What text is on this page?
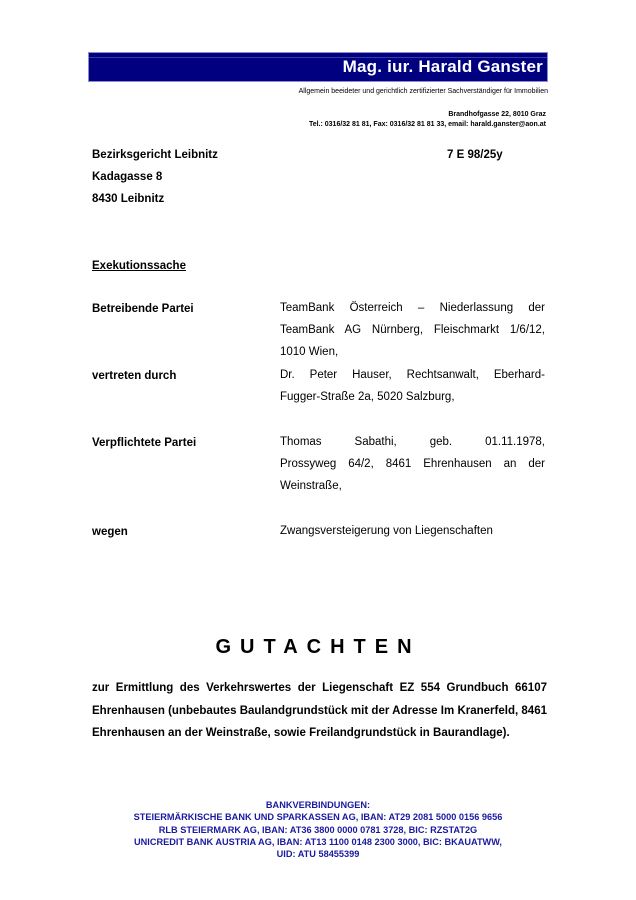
Mag. iur. Harald Ganster
Allgemein beeideter und gerichtlich zertifizierter Sachverständiger für Immobilien
Brandhofgasse 22, 8010 Graz
Tel.: 0316/32 81 81, Fax: 0316/32 81 81 33, email: harald.ganster@aon.at
Bezirksgericht Leibnitz
Kadagasse 8
8430 Leibnitz
7 E 98/25y
Exekutionssache
Betreibende Partei	TeamBank Österreich – Niederlassung der
TeamBank AG Nürnberg, Fleischmarkt 1/6/12,
1010 Wien,
vertreten durch	Dr. Peter Hauser, Rechtsanwalt, Eberhard-
Fugger-Straße 2a, 5020 Salzburg,
Verpflichtete Partei	Thomas Sabathi, geb. 01.11.1978,
Prossyweg 64/2, 8461 Ehrenhausen an der
Weinstraße,
wegen	Zwangsversteigerung von Liegenschaften
GUTACHTEN
zur Ermittlung des Verkehrswertes der Liegenschaft EZ 554 Grundbuch 66107 Ehrenhausen (unbebautes Baulandgrundstück mit der Adresse Im Kranerfeld, 8461 Ehrenhausen an der Weinstraße, sowie Freilandgrundstück in Baurandlage).
BANKVERBINDUNGEN:
STEIERMÄRKISCHE BANK UND SPARKASSEN AG, IBAN: AT29 2081 5000 0156 9656
RLB STEIERMARK AG, IBAN: AT36 3800 0000 0781 3728, BIC: RZSTAT2G
UNICREDIT BANK AUSTRIA AG, IBAN: AT13 1100 0148 2300 3000, BIC: BKAUATWW,
UID: ATU 58455399
